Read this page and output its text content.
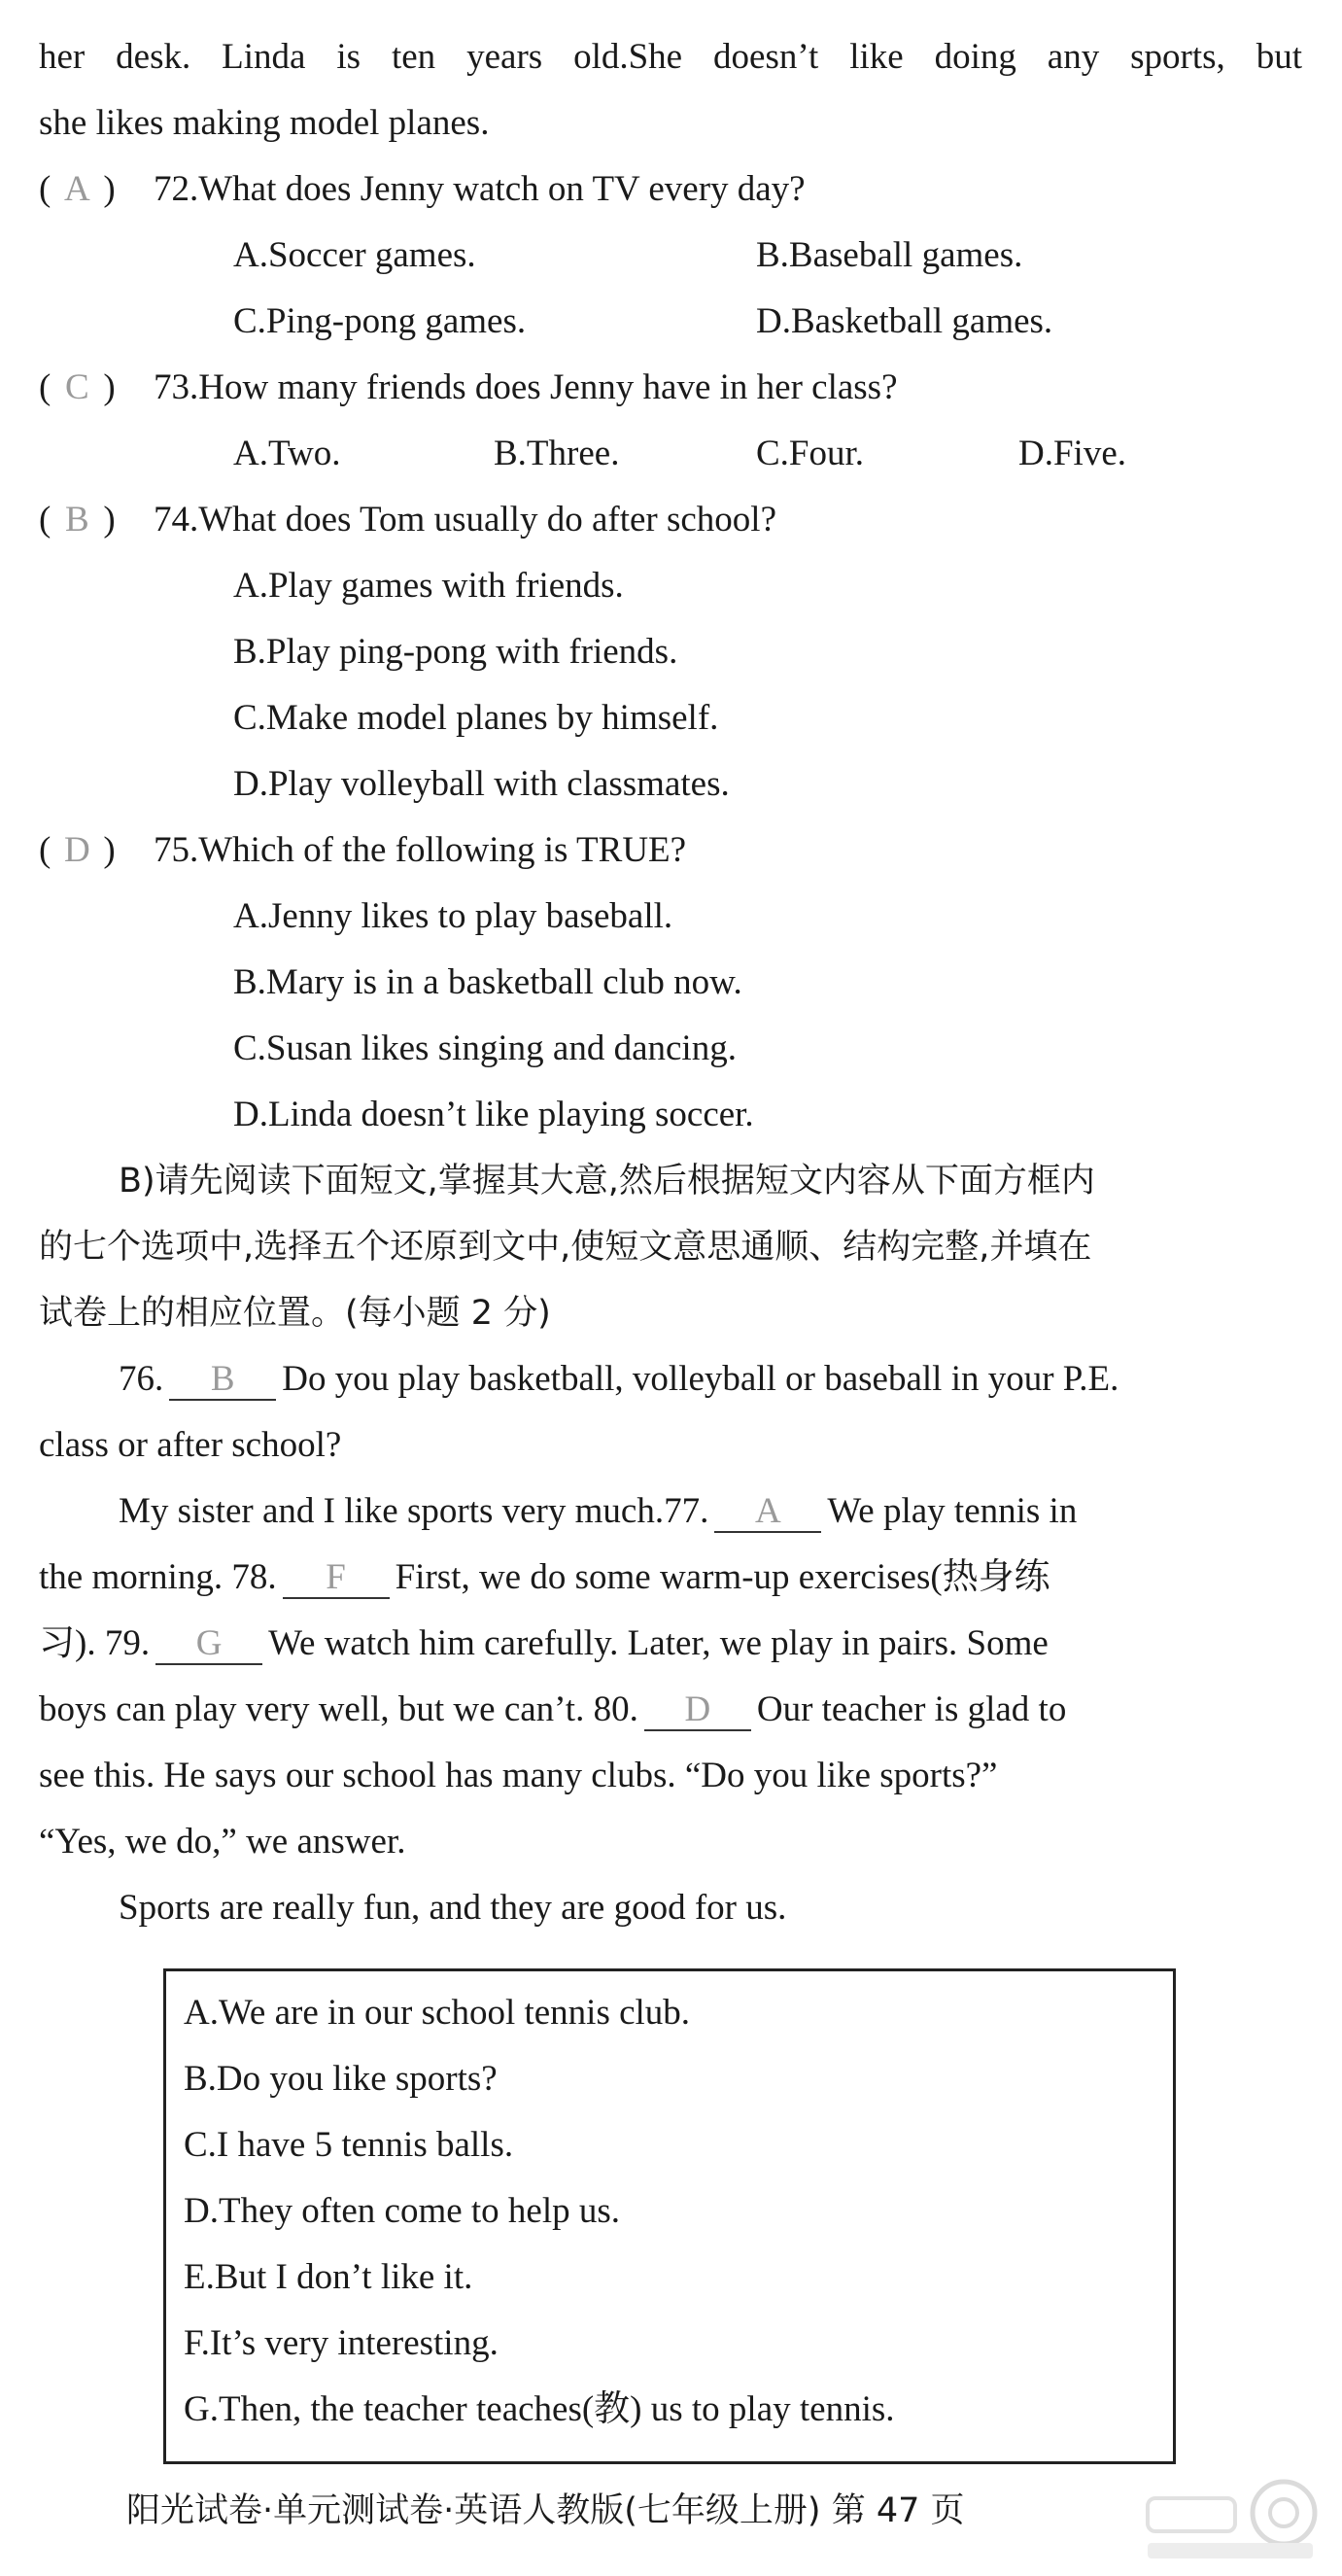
her desk. Linda is ten years old.She doesn’t like doing any sports, but
she likes making model planes.
( A ) 72.What does Jenny watch on TV every day?
A.Soccer games.	B.Baseball games.
C.Ping-pong games.	D.Basketball games.
( C ) 73.How many friends does Jenny have in her class?
A.Two.	B.Three.	C.Four.	D.Five.
( B ) 74.What does Tom usually do after school?
A.Play games with friends.
B.Play ping-pong with friends.
C.Make model planes by himself.
D.Play volleyball with classmates.
( D ) 75.Which of the following is TRUE?
A.Jenny likes to play baseball.
B.Mary is in a basketball club now.
C.Susan likes singing and dancing.
D.Linda doesn’t like playing soccer.
B)请先阅读下面短文,掌握其大意,然后根据短文内容从下面方框内
的七个选项中,选择五个还原到文中,使短文意思通顺、结构完整,并填在
试卷上的相应位置。(每小题 2 分)
76. B Do you play basketball, volleyball or baseball in your P.E.
class or after school?
My sister and I like sports very much.77. A We play tennis in
the morning. 78. F First, we do some warm-up exercises(热身练
习). 79. G We watch him carefully. Later, we play in pairs. Some
boys can play very well, but we can’t. 80. D Our teacher is glad to
see this. He says our school has many clubs. “Do you like sports?”
“Yes, we do,” we answer.
Sports are really fun, and they are good for us.
A.We are in our school tennis club.
B.Do you like sports?
C.I have 5 tennis balls.
D.They often come to help us.
E.But I don’t like it.
F.It’s very interesting.
G.Then, the teacher teaches(教) us to play tennis.
阳光试卷·单元测试卷·英语人教版(七年级上册) 第 47 页
